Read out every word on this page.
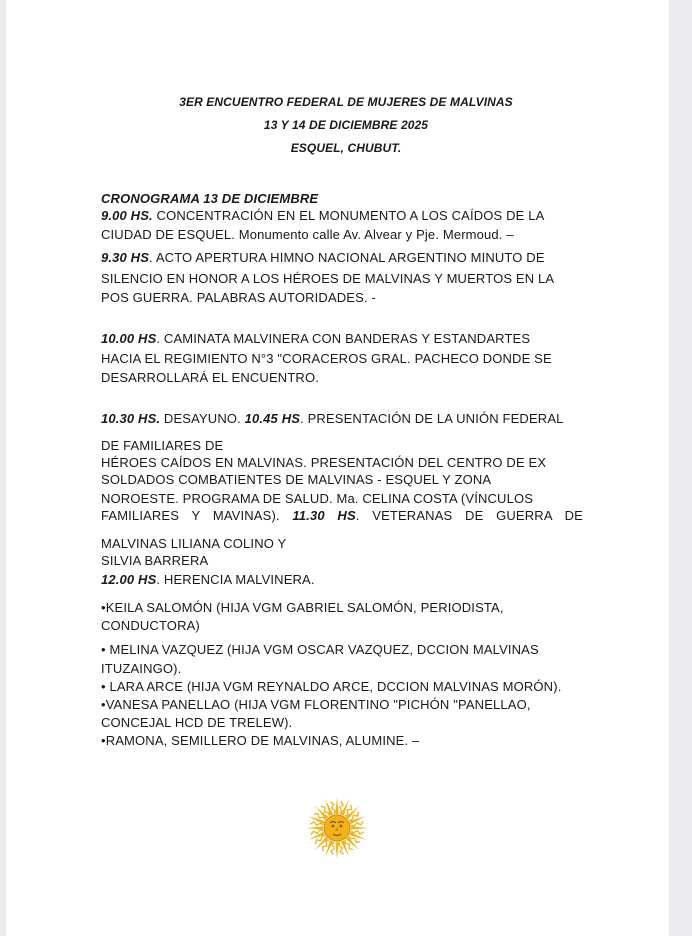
3ER ENCUENTRO FEDERAL DE MUJERES DE MALVINAS
13 Y 14 DE DICIEMBRE 2025
ESQUEL, CHUBUT.
CRONOGRAMA 13 DE DICIEMBRE
9.00 HS. CONCENTRACIÓN EN EL MONUMENTO A LOS CAÍDOS DE LA
CIUDAD DE ESQUEL. Monumento calle Av. Alvear y Pje. Mermoud. –
9.30 HS. ACTO APERTURA HIMNO NACIONAL ARGENTINO MINUTO DE
SILENCIO EN HONOR A LOS HÉROES DE MALVINAS Y MUERTOS EN LA
POS GUERRA. PALABRAS AUTORIDADES. -
10.00 HS. CAMINATA MALVINERA CON BANDERAS Y ESTANDARTES
HACIA EL REGIMIENTO N°3 "CORACEROS GRAL. PACHECO DONDE SE
DESARROLLARÁ EL ENCUENTRO.
10.30 HS. DESAYUNO. 10.45 HS. PRESENTACIÓN DE LA UNIÓN FEDERAL
DE FAMILIARES DE
HÉROES CAÍDOS EN MALVINAS. PRESENTACIÓN DEL CENTRO DE EX
SOLDADOS COMBATIENTES DE MALVINAS - ESQUEL Y ZONA
NOROESTE. PROGRAMA DE SALUD. Ma. CELINA COSTA (VÍNCULOS
FAMILIARES Y MAVINAS). 11.30 HS. VETERANAS DE GUERRA DE
MALVINAS LILIANA COLINO Y
SILVIA BARRERA
12.00 HS. HERENCIA MALVINERA.
•KEILA SALOMÓN (HIJA VGM GABRIEL SALOMÓN, PERIODISTA,
CONDUCTORA)
• MELINA VAZQUEZ (HIJA VGM OSCAR VAZQUEZ, DCCION MALVINAS
ITUZAINGO).
• LARA ARCE (HIJA VGM REYNALDO ARCE, DCCION MALVINAS MORÓN).
•VANESA PANELLAO (HIJA VGM FLORENTINO "PICHÓN "PANELLAO,
CONCEJAL HCD DE TRELEW).
•RAMONA, SEMILLERO DE MALVINAS, ALUMINE. –
